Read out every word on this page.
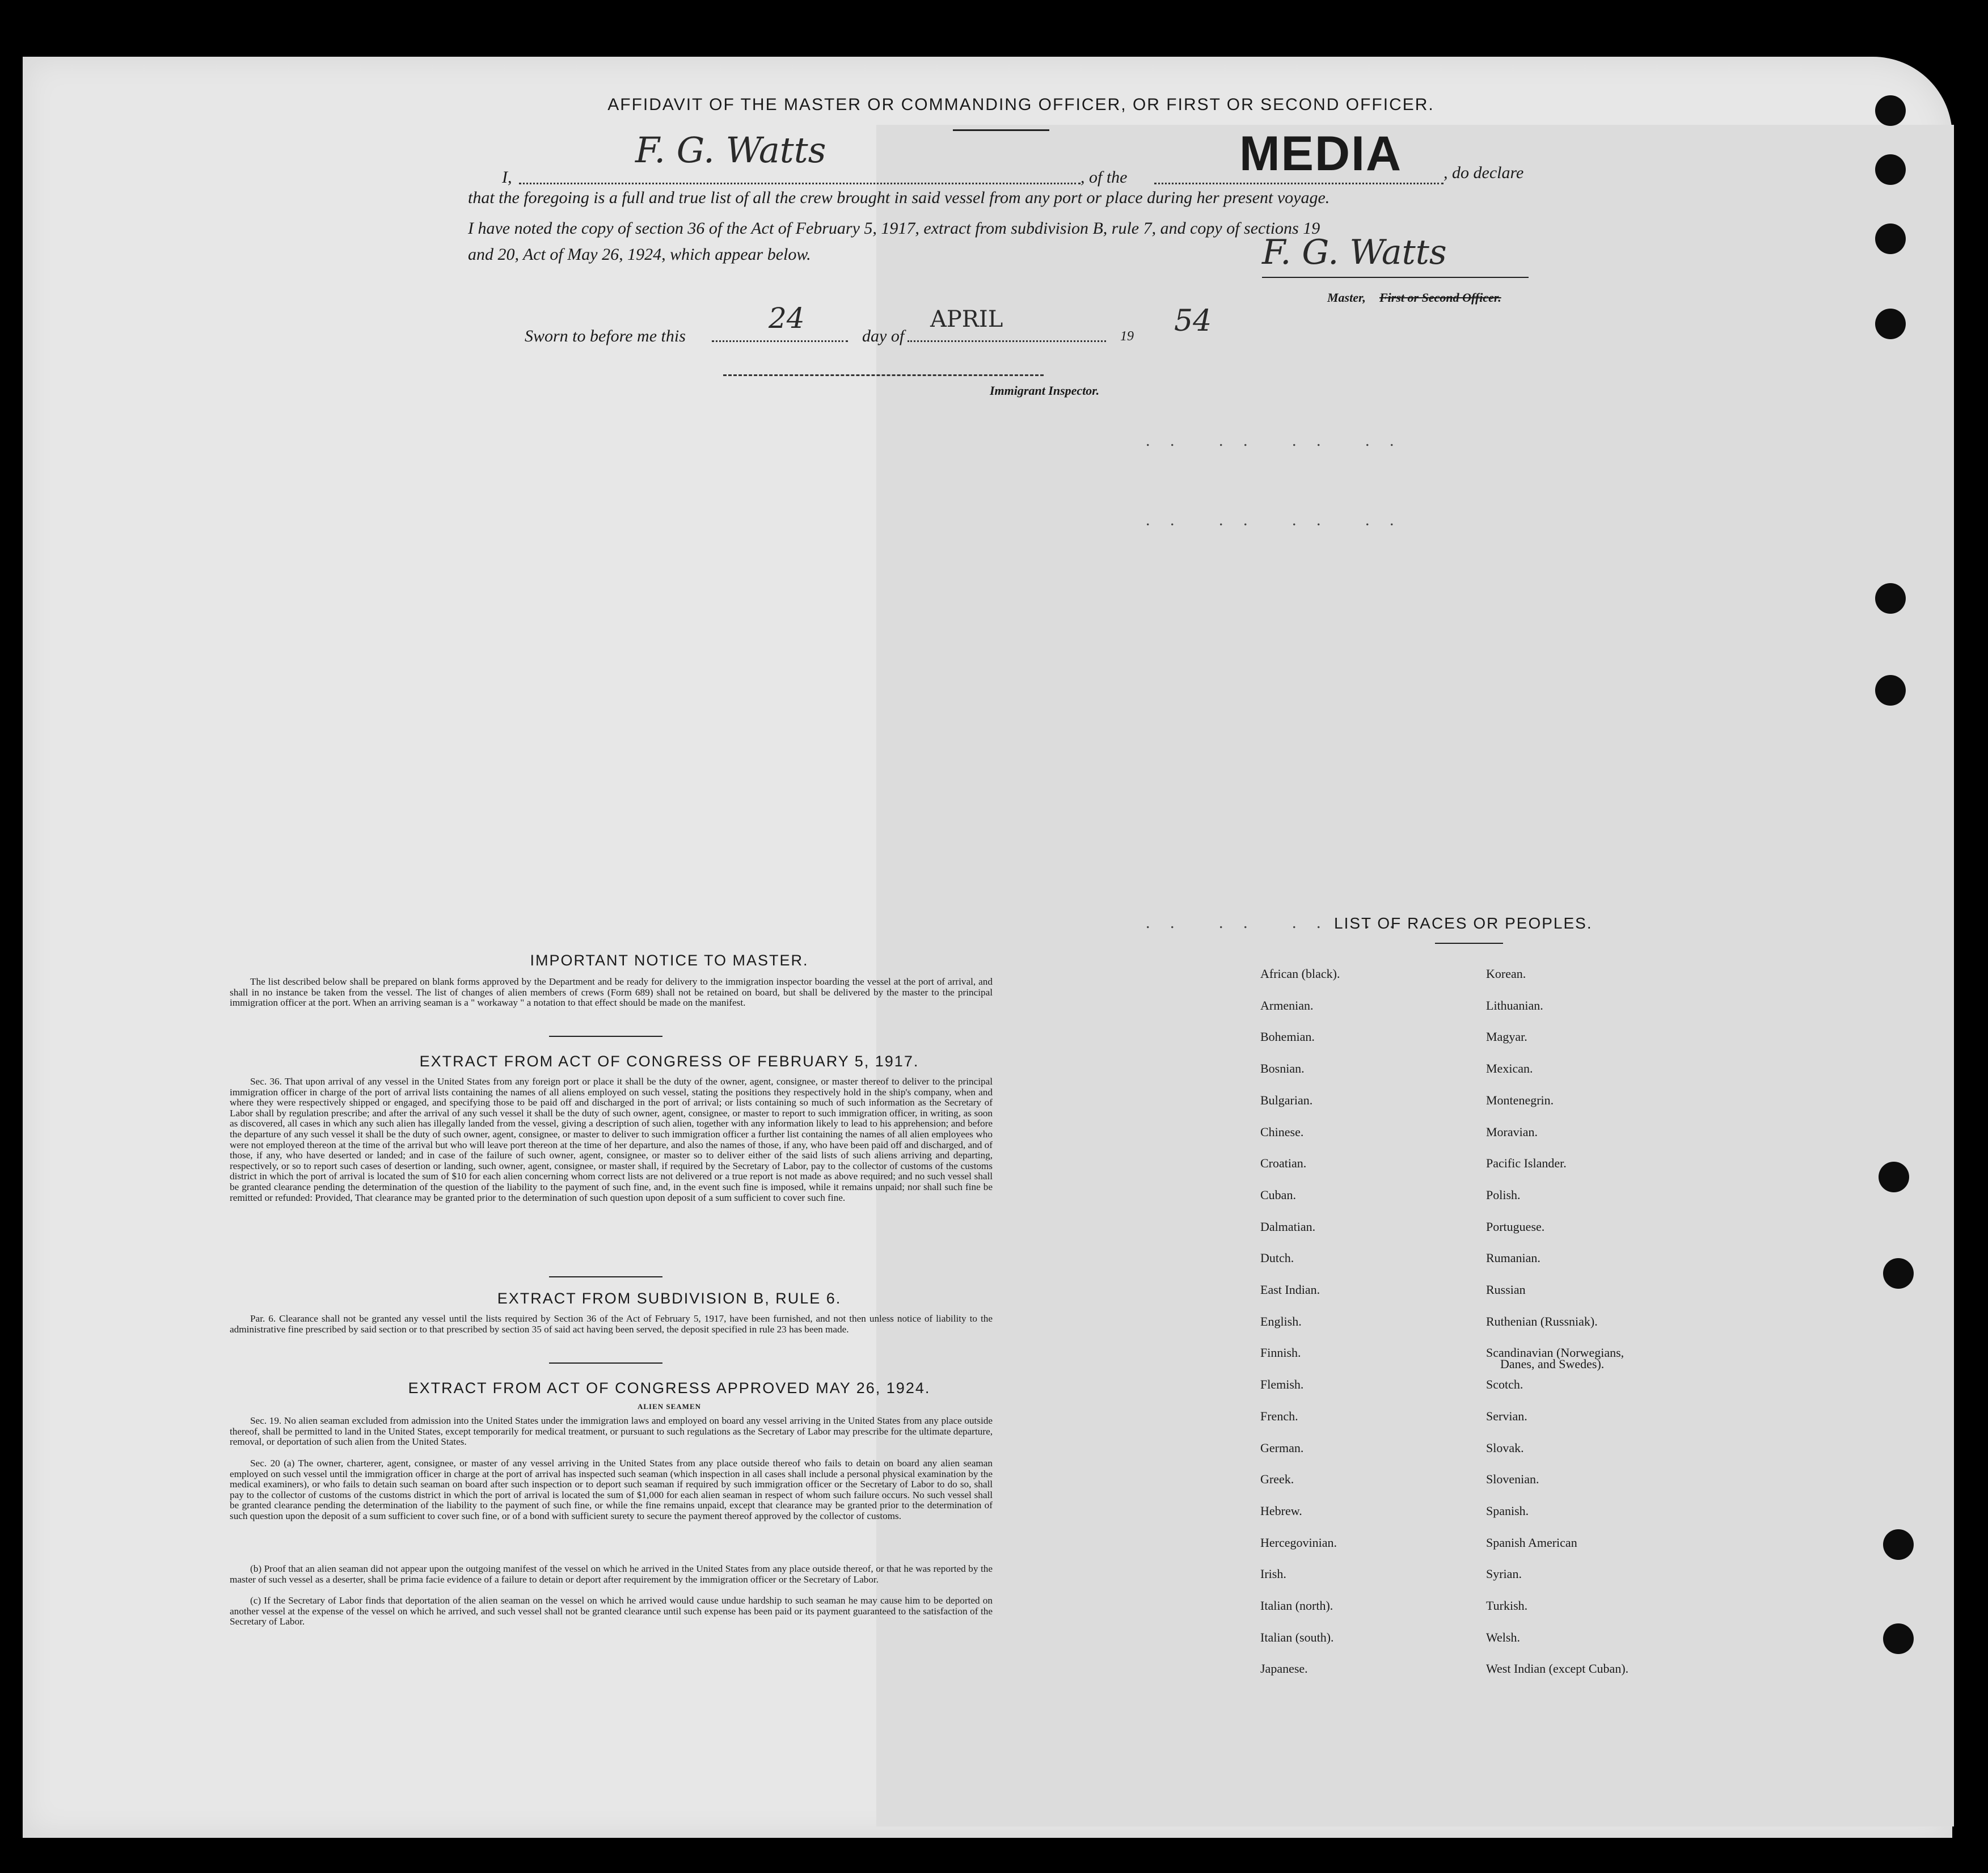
AFFIDAVIT OF THE MASTER OR COMMANDING OFFICER, OR FIRST OR SECOND OFFICER.
I,
F. G. Watts
, of the MEDIA , do declare
that the foregoing is a full and true list of all the crew brought in said vessel from any port or place during her present voyage.
I have noted the copy of section 36 of the Act of February 5, 1917, extract from subdivision B, rule 7, and copy of sections 19
and 20, Act of May 26, 1924, which appear below.	F. G. Watts
Master, First or Second Officer.
Sworn to before me this
24
day of
APRIL
19 54
Immigrant Inspector.
. .   . .   . .   . .
. .   . .   . .   . .
. .   . .   . .   . .
IMPORTANT NOTICE TO MASTER.
The list described below shall be prepared on blank forms approved by the Department and be ready for delivery to the immigration inspector boarding the vessel at the port of arrival, and shall in no instance be taken from the vessel. The list of changes of alien members of crews (Form 689) shall not be retained on board, but shall be delivered by the master to the principal immigration officer at the port. When an arriving seaman is a " workaway " a notation to that effect should be made on the manifest.
EXTRACT FROM ACT OF CONGRESS OF FEBRUARY 5, 1917.
Sec. 36. That upon arrival of any vessel in the United States from any foreign port or place it shall be the duty of the owner, agent, consignee, or master thereof to deliver to the principal immigration officer in charge of the port of arrival lists containing the names of all aliens employed on such vessel, stating the positions they respectively hold in the ship's company, when and where they were respectively shipped or engaged, and specifying those to be paid off and discharged in the port of arrival; or lists containing so much of such information as the Secretary of Labor shall by regulation prescribe; and after the arrival of any such vessel it shall be the duty of such owner, agent, consignee, or master to report to such immigration officer, in writing, as soon as discovered, all cases in which any such alien has illegally landed from the vessel, giving a description of such alien, together with any information likely to lead to his apprehension; and before the departure of any such vessel it shall be the duty of such owner, agent, consignee, or master to deliver to such immigration officer a further list containing the names of all alien employees who were not employed thereon at the time of the arrival but who will leave port thereon at the time of her departure, and also the names of those, if any, who have been paid off and discharged, and of those, if any, who have deserted or landed; and in case of the failure of such owner, agent, consignee, or master so to deliver either of the said lists of such aliens arriving and departing, respectively, or so to report such cases of desertion or landing, such owner, agent, consignee, or master shall, if required by the Secretary of Labor, pay to the collector of customs of the customs district in which the port of arrival is located the sum of $10 for each alien concerning whom correct lists are not delivered or a true report is not made as above required; and no such vessel shall be granted clearance pending the determination of the question of the liability to the payment of such fine, and, in the event such fine is imposed, while it remains unpaid; nor shall such fine be remitted or refunded: Provided, That clearance may be granted prior to the determination of such question upon deposit of a sum sufficient to cover such fine.
EXTRACT FROM SUBDIVISION B, RULE 6.
Par. 6. Clearance shall not be granted any vessel until the lists required by Section 36 of the Act of February 5, 1917, have been furnished, and not then unless notice of liability to the administrative fine prescribed by said section or to that prescribed by section 35 of said act having been served, the deposit specified in rule 23 has been made.
EXTRACT FROM ACT OF CONGRESS APPROVED MAY 26, 1924.
ALIEN SEAMEN
Sec. 19. No alien seaman excluded from admission into the United States under the immigration laws and employed on board any vessel arriving in the United States from any place outside thereof, shall be permitted to land in the United States, except temporarily for medical treatment, or pursuant to such regulations as the Secretary of Labor may prescribe for the ultimate departure, removal, or deportation of such alien from the United States.
Sec. 20 (a) The owner, charterer, agent, consignee, or master of any vessel arriving in the United States from any place outside thereof who fails to detain on board any alien seaman employed on such vessel until the immigration officer in charge at the port of arrival has inspected such seaman (which inspection in all cases shall include a personal physical examination by the medical examiners), or who fails to detain such seaman on board after such inspection or to deport such seaman if required by such immigration officer or the Secretary of Labor to do so, shall pay to the collector of customs of the customs district in which the port of arrival is located the sum of $1,000 for each alien seaman in respect of whom such failure occurs. No such vessel shall be granted clearance pending the determination of the liability to the payment of such fine, or while the fine remains unpaid, except that clearance may be granted prior to the determination of such question upon the deposit of a sum sufficient to cover such fine, or of a bond with sufficient surety to secure the payment thereof approved by the collector of customs.
(b) Proof that an alien seaman did not appear upon the outgoing manifest of the vessel on which he arrived in the United States from any place outside thereof, or that he was reported by the master of such vessel as a deserter, shall be prima facie evidence of a failure to detain or deport after requirement by the immigration officer or the Secretary of Labor.
(c) If the Secretary of Labor finds that deportation of the alien seaman on the vessel on which he arrived would cause undue hardship to such seaman he may cause him to be deported on another vessel at the expense of the vessel on which he arrived, and such vessel shall not be granted clearance until such expense has been paid or its payment guaranteed to the satisfaction of the Secretary of Labor.
LIST OF RACES OR PEOPLES.
African (black).
Armenian.
Bohemian.
Bosnian.
Bulgarian.
Chinese.
Croatian.
Cuban.
Dalmatian.
Dutch.
East Indian.
English.
Finnish.
Flemish.
French.
German.
Greek.
Hebrew.
Hercegovinian.
Irish.
Italian (north).
Italian (south).
Japanese.
Korean.
Lithuanian.
Magyar.
Mexican.
Montenegrin.
Moravian.
Pacific Islander.
Polish.
Portuguese.
Rumanian.
Russian
Ruthenian (Russniak).
Scandinavian (Norwegians,
Scotch.
Servian.
Slovak.
Slovenian.
Spanish.
Spanish American
Syrian.
Turkish.
Welsh.
West Indian (except Cuban).
Danes, and Swedes).
